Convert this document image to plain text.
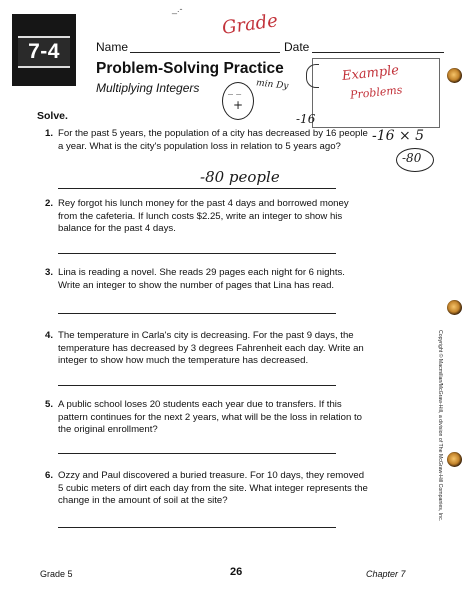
_.-
7-4	Name	Date
Grade
Problem-Solving Practice
Multiplying Integers	_ _
+
min Dy
Example
Problems
Solve.
1. For the past 5 years, the population of a city has decreased by 16 people a year. What is the city's population loss in relation to 5 years ago?
-80 people
-16
-16 × 5
-80
2. Rey forgot his lunch money for the past 4 days and borrowed money from the cafeteria. If lunch costs $2.25, write an integer to show his balance for the past 4 days.
3. Lina is reading a novel. She reads 29 pages each night for 6 nights. Write an integer to show the number of pages that Lina has read.
4. The temperature in Carla's city is decreasing. For the past 9 days, the temperature has decreased by 3 degrees Fahrenheit each day. Write an integer to show how much the temperature has decreased.
5. A public school loses 20 students each year due to transfers. If this pattern continues for the next 2 years, what will be the loss in relation to the original enrollment?
6. Ozzy and Paul discovered a buried treasure. For 10 days, they removed 5 cubic meters of dirt each day from the site. What integer represents the change in the amount of soil at the site?	Copyright © Macmillan/McGraw-Hill, a division of The McGraw-Hill Companies, Inc.
Grade 5	26	Chapter 7
